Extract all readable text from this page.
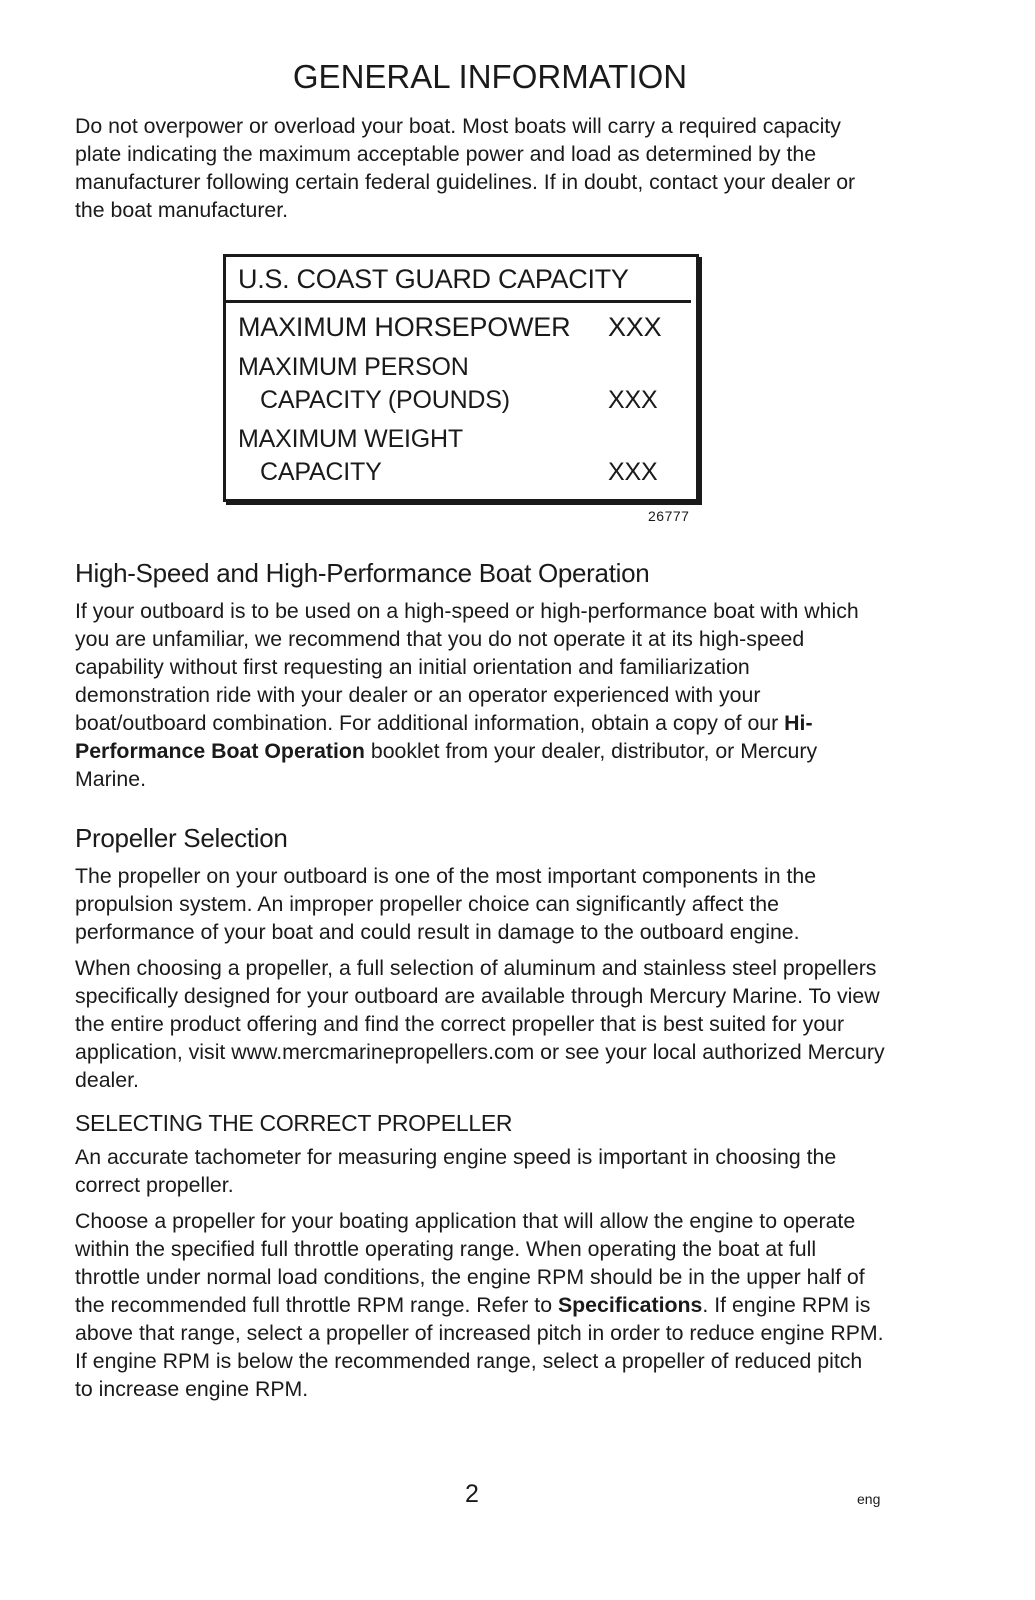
GENERAL INFORMATION

Do not overpower or overload your boat. Most boats will carry a required capacity plate indicating the maximum acceptable power and load as determined by the manufacturer following certain federal guidelines. If in doubt, contact your dealer or the boat manufacturer.

U.S. COAST GUARD CAPACITY
MAXIMUM HORSEPOWER XXX
MAXIMUM PERSON
CAPACITY (POUNDS)	XXX
MAXIMUM WEIGHT
CAPACITY	XXX
26777
High-Speed and High-Performance Boat Operation

If your outboard is to be used on a high-speed or high-performance boat with which you are unfamiliar, we recommend that you do not operate it at its high-speed capability without first requesting an initial orientation and familiarization demonstration ride with your dealer or an operator experienced with your boat/outboard combination. For additional information, obtain a copy of our Hi-Performance Boat Operation booklet from your dealer, distributor, or Mercury Marine.

Propeller Selection

The propeller on your outboard is one of the most important components in the propulsion system. An improper propeller choice can significantly affect the performance of your boat and could result in damage to the outboard engine.

When choosing a propeller, a full selection of aluminum and stainless steel propellers specifically designed for your outboard are available through Mercury Marine. To view the entire product offering and find the correct propeller that is best suited for your application, visit www.mercmarinepropellers.com or see your local authorized Mercury dealer.

SELECTING THE CORRECT PROPELLER

An accurate tachometer for measuring engine speed is important in choosing the correct propeller.

Choose a propeller for your boating application that will allow the engine to operate within the specified full throttle operating range. When operating the boat at full throttle under normal load conditions, the engine RPM should be in the upper half of the recommended full throttle RPM range. Refer to Specifications. If engine RPM is above that range, select a propeller of increased pitch in order to reduce engine RPM. If engine RPM is below the recommended range, select a propeller of reduced pitch to increase engine RPM.

2	eng
